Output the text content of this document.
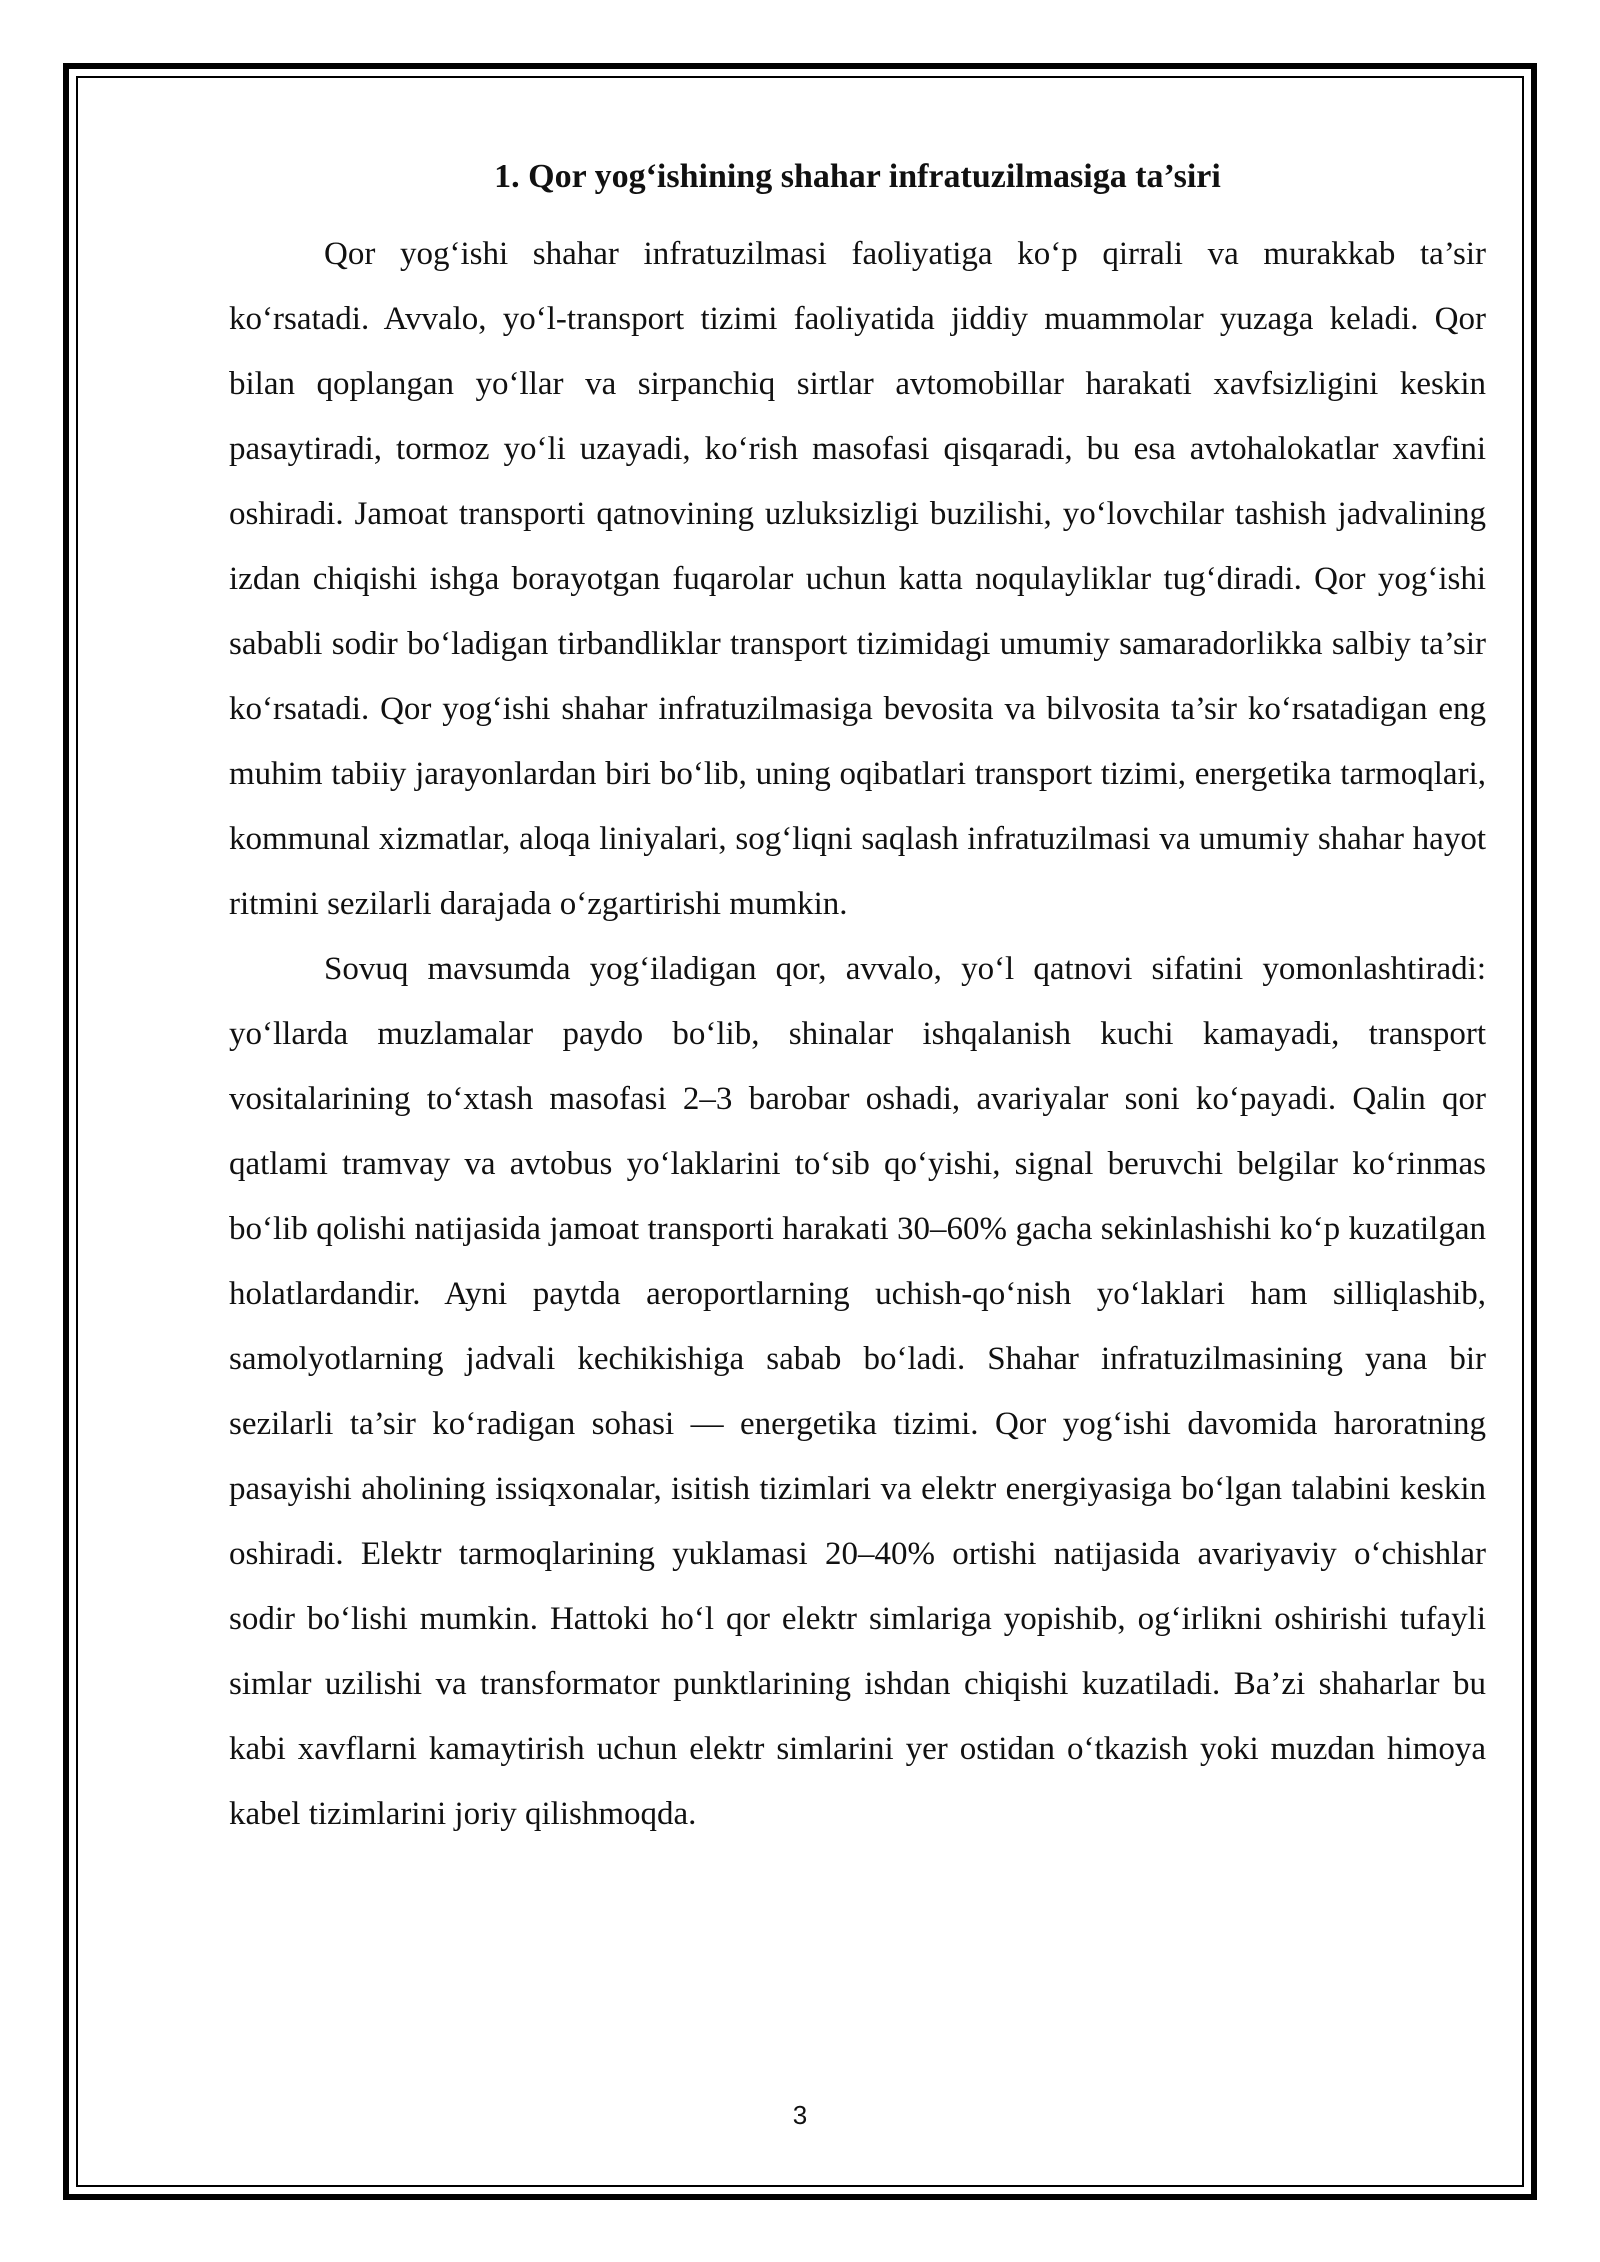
1. Qor yog‘ishining shahar infratuzilmasiga ta’siri

Qor yog‘ishi shahar infratuzilmasi faoliyatiga ko‘p qirrali va murakkab ta’sir ko‘rsatadi. Avvalo, yo‘l-transport tizimi faoliyatida jiddiy muammolar yuzaga keladi. Qor bilan qoplangan yo‘llar va sirpanchiq sirtlar avtomobillar harakati xavfsizligini keskin pasaytiradi, tormoz yo‘li uzayadi, ko‘rish masofasi qisqaradi, bu esa avtohalokatlar xavfini oshiradi. Jamoat transporti qatnovining uzluksizligi buzilishi, yo‘lovchilar tashish jadvalining izdan chiqishi ishga borayotgan fuqarolar uchun katta noqulayliklar tug‘diradi. Qor yog‘ishi sababli sodir bo‘ladigan tirbandliklar transport tizimidagi umumiy samaradorlikka salbiy ta’sir ko‘rsatadi. Qor yog‘ishi shahar infratuzilmasiga bevosita va bilvosita ta’sir ko‘rsatadigan eng muhim tabiiy jarayonlardan biri bo‘lib, uning oqibatlari transport tizimi, energetika tarmoqlari, kommunal xizmatlar, aloqa liniyalari, sog‘liqni saqlash infratuzilmasi va umumiy shahar hayot ritmini sezilarli darajada o‘zgartirishi mumkin.

Sovuq mavsumda yog‘iladigan qor, avvalo, yo‘l qatnovi sifatini yomonlashtiradi: yo‘llarda muzlamalar paydo bo‘lib, shinalar ishqalanish kuchi kamayadi, transport vositalarining to‘xtash masofasi 2–3 barobar oshadi, avariyalar soni ko‘payadi. Qalin qor qatlami tramvay va avtobus yo‘laklarini to‘sib qo‘yishi, signal beruvchi belgilar ko‘rinmas bo‘lib qolishi natijasida jamoat transporti harakati 30–60% gacha sekinlashishi ko‘p kuzatilgan holatlardandir. Ayni paytda aeroportlarning uchish-qo‘nish yo‘laklari ham silliqlashib, samolyotlarning jadvali kechikishiga sabab bo‘ladi. Shahar infratuzilmasining yana bir sezilarli ta’sir ko‘radigan sohasi — energetika tizimi. Qor yog‘ishi davomida haroratning pasayishi aholining issiqxonalar, isitish tizimlari va elektr energiyasiga bo‘lgan talabini keskin oshiradi. Elektr tarmoqlarining yuklamasi 20–40% ortishi natijasida avariyaviy o‘chishlar sodir bo‘lishi mumkin. Hattoki ho‘l qor elektr simlariga yopishib, og‘irlikni oshirishi tufayli simlar uzilishi va transformator punktlarining ishdan chiqishi kuzatiladi. Ba’zi shaharlar bu kabi xavflarni kamaytirish uchun elektr simlarini yer ostidan o‘tkazish yoki muzdan himoya kabel tizimlarini joriy qilishmoqda.

3
